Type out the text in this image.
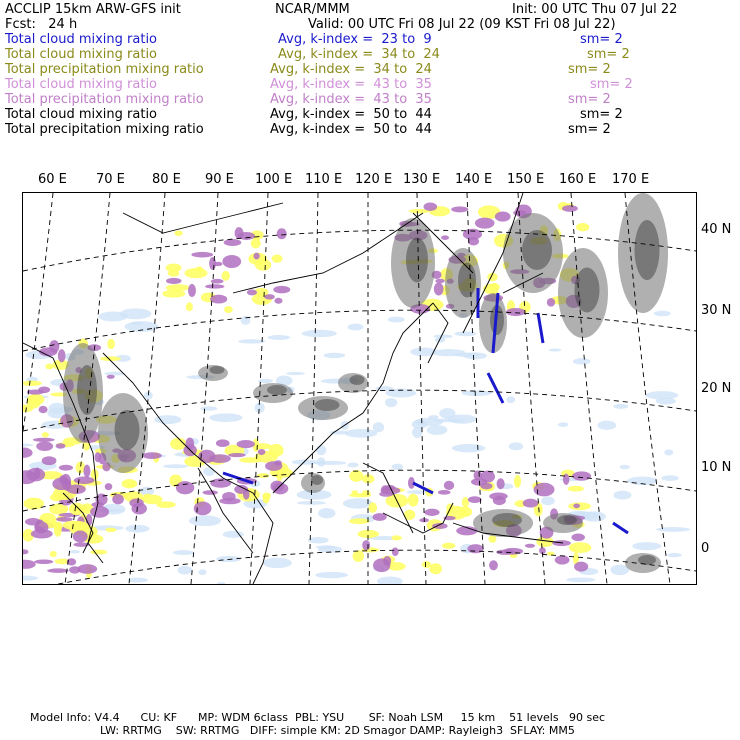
ACCLIP 15km ARW-GFS init	NCAR/MMM	Init: 00 UTC Thu 07 Jul 22
Fcst:   24 h	Valid: 00 UTC Fri 08 Jul 22 (09 KST Fri 08 Jul 22)
Total cloud mixing ratio	Avg, k-index =  23 to  9	sm= 2
Total cloud mixing ratio	Avg, k-index =  34 to  24	sm= 2
Total precipitation mixing ratio	Avg, k-index =  34 to  24	sm= 2
Total cloud mixing ratio	Avg, k-index =  43 to  35	sm= 2
Total precipitation mixing ratio	Avg, k-index =  43 to  35	sm= 2
Total cloud mixing ratio	Avg, k-index =  50 to  44	sm= 2
Total precipitation mixing ratio	Avg, k-index =  50 to  44	sm= 2
60 E 70 E 80 E 90 E 100 E 110 E 120 E 130 E 140 E 150 E 160 E 170 E
40 N
30 N
20 N
10 N
0
Model Info: V4.4      CU: KF      MP: WDM 6class  PBL: YSU       SF: Noah LSM     15 km    51 levels   90 sec
LW: RRTMG    SW: RRTMG   DIFF: simple KM: 2D Smagor DAMP: Rayleigh3  SFLAY: MM5
